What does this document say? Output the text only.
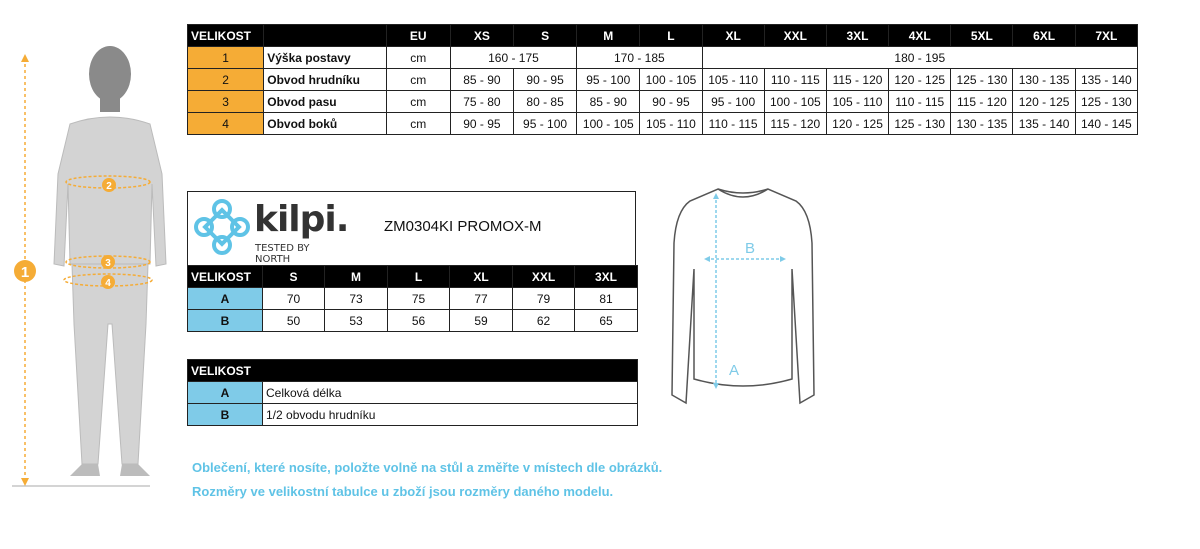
1
2
3
4
VELIKOST		EU	XS	S	M	L	XL	XXL	3XL	4XL	5XL	6XL	7XL
1	Výška postavy	cm	160 - 175		170 - 185		180 - 195						
2	Obvod hrudníku	cm	85 - 90	90 - 95	95 - 100	100 - 105	105 - 110	110 - 115	115 - 120	120 - 125	125 - 130	130 - 135	135 - 140
3	Obvod pasu	cm	75 - 80	80 - 85	85 - 90	90 - 95	95 - 100	100 - 105	105 - 110	110 - 115	115 - 120	120 - 125	125 - 130
4	Obvod boků	cm	90 - 95	95 - 100	100 - 105	105 - 110	110 - 115	115 - 120	120 - 125	125 - 130	130 - 135	135 - 140	140 - 145
kilpi.
TESTED BY NORTH
ZM0304KI PROMOX-M
VELIKOST	S	M	L	XL	XXL	3XL
A	70	73	75	77	79	81
B	50	53	56	59	62	65
VELIKOST	
A	Celková délka
B	1/2 obvodu hrudníku
B
A
Oblečení, které nosíte, položte volně na stůl a změřte v místech dle obrázků.
Rozměry ve velikostní tabulce u zboží jsou rozměry daného modelu.
